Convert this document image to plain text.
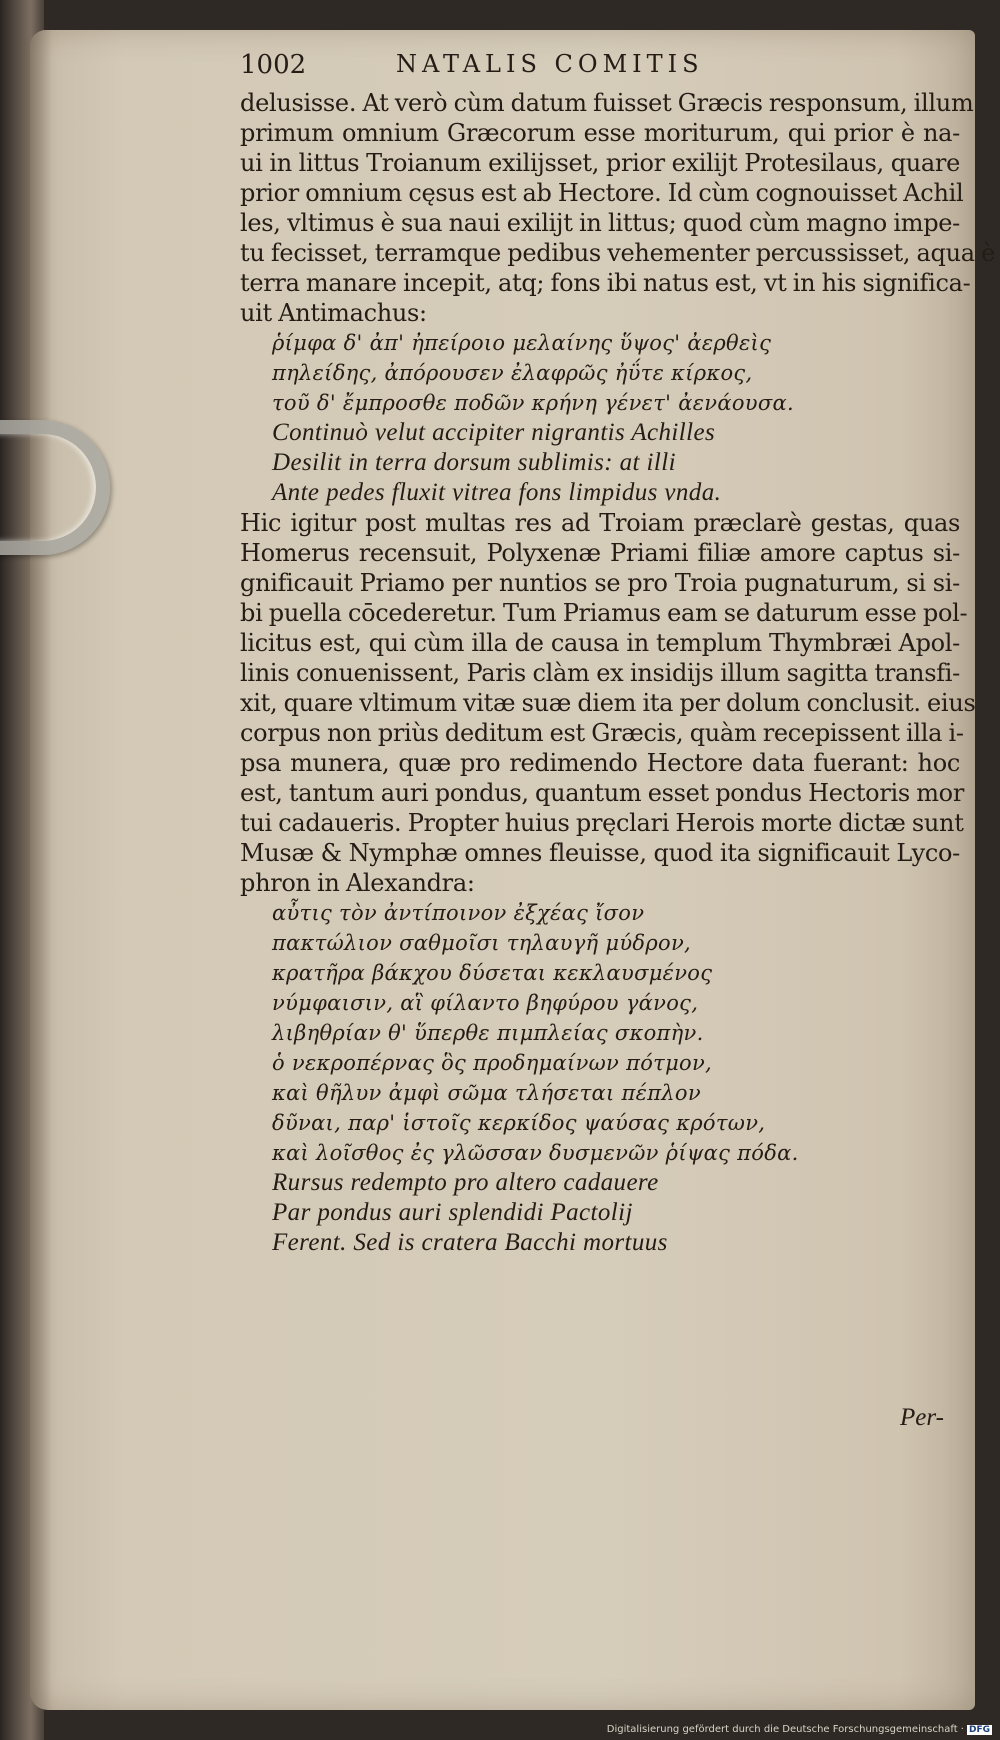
1002	NATALIS COMITIS
delusisse. At verò cùm datum fuisset Græcis responsum, illum
primum omnium Græcorum esse moriturum, qui prior è na-
ui in littus Troianum exilijsset, prior exilijt Protesilaus, quare
prior omnium cęsus est ab Hectore. Id cùm cognouisset Achil
les, vltimus è sua naui exilijt in littus; quod cùm magno impe-
tu fecisset, terramque pedibus vehementer percussisset, aqua è
terra manare incepit, atq; fons ibi natus est, vt in his significa-
uit Antimachus:
ῥίμφα δ' ἀπ' ἠπείροιο μελαίνης ὕψος' ἀερθεὶς
πηλείδης, ἀπόρουσεν ἐλαφρῶς ἠΰτε κίρκος,
τοῦ δ' ἔμπροσθε ποδῶν κρήνη γένετ' ἀενάουσα.
Continuò velut accipiter nigrantis Achilles
Desilit in terra dorsum sublimis: at illi
Ante pedes fluxit vitrea fons limpidus vnda.
Hic igitur post multas res ad Troiam præclarè gestas, quas
Homerus recensuit, Polyxenæ Priami filiæ amore captus si-
gnificauit Priamo per nuntios se pro Troia pugnaturum, si si-
bi puella cōcederetur. Tum Priamus eam se daturum esse pol-
licitus est, qui cùm illa de causa in templum Thymbræi Apol-
linis conuenissent, Paris clàm ex insidijs illum sagitta transfi-
xit, quare vltimum vitæ suæ diem ita per dolum conclusit. eius
corpus non priùs deditum est Græcis, quàm recepissent illa i-
psa munera, quæ pro redimendo Hectore data fuerant: hoc
est, tantum auri pondus, quantum esset pondus Hectoris mor
tui cadaueris. Propter huius pręclari Herois morte dictæ sunt
Musæ & Nymphæ omnes fleuisse, quod ita significauit Lyco-
phron in Alexandra:
αὖτις τὸν ἀντίποινον ἐξχέας ἴσον
πακτώλιον σαθμοῖσι τηλαυγῆ μύδρον,
κρατῆρα βάκχου δύσεται κεκλαυσμένος
νύμφαισιν, αἳ φίλαντο βηφύρου γάνος,
λιβηθρίαν θ' ὕπερθε πιμπλείας σκοπὴν.
ὁ νεκροπέρνας ὃς προδημαίνων πότμον,
καὶ θῆλυν ἀμφὶ σῶμα τλήσεται πέπλον
δῦναι, παρ' ἱστοῖς κερκίδος ψαύσας κρότων,
καὶ λοῖσθος ἐς γλῶσσαν δυσμενῶν ῥίψας πόδα.
Rursus redempto pro altero cadauere
Par pondus auri splendidi Pactolij
Ferent. Sed is cratera Bacchi mortuus
Per-
Digitalisierung gefördert durch die Deutsche Forschungsgemeinschaft · DFG
